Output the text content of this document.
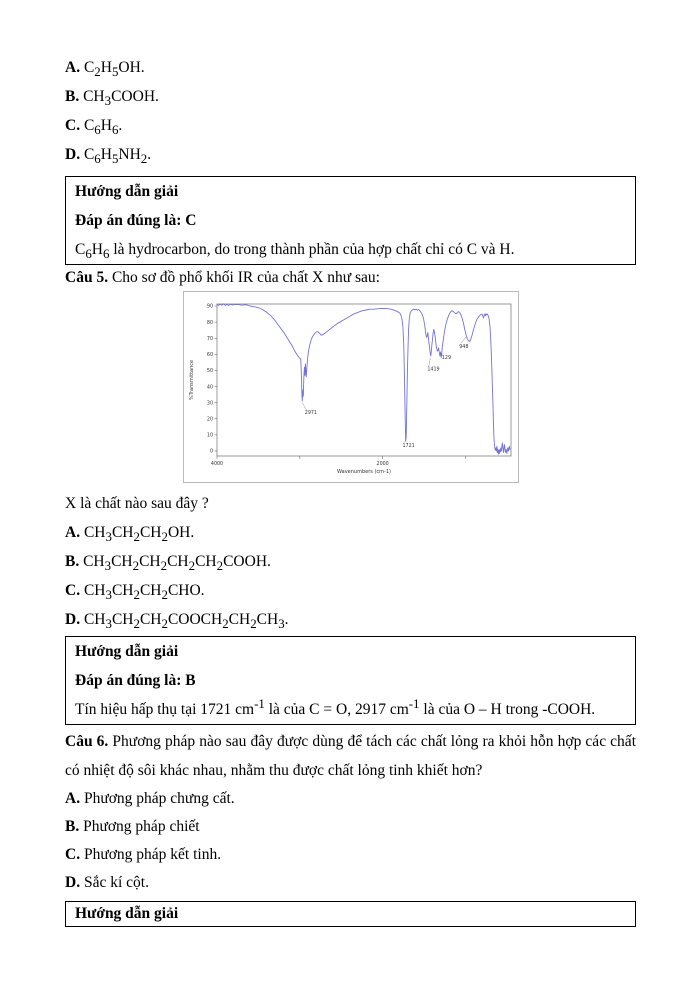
A. $C_2H_5OH$.
B. $CH_3COOH$.
C. $C_6H_6$.
D. $C_6H_5NH_2$.
Hướng dẫn giải
Đáp án đúng là: C
$C_6H_6$ là hydrocarbon, do trong thành phần của hợp chất chỉ có C và H.
Câu 5. Cho sơ đồ phổ khối IR của chất X như sau:
0
10
20
30
40
50
60
70
80
90
4000	2000
%Transmittance
Wavenumbers (cm-1)
2971
1721
1419
129
948
X là chất nào sau đây ?
A. $CH_3CH_2CH_2OH$.
B. $CH_3CH_2CH_2CH_2CH_2COOH$.
C. $CH_3CH_2CH_2CHO$.
D. $CH_3CH_2CH_2COOCH_2CH_2CH_3$.
Hướng dẫn giải
Đáp án đúng là: B
Tín hiệu hấp thụ tại 1721 $cm^{-1}$ là của C = O, 2917 $cm^{-1}$ là của O – H trong -COOH.

Câu 6. Phương pháp nào sau đây được dùng để tách các chất lỏng ra khỏi hỗn hợp các chất có nhiệt độ sôi khác nhau, nhằm thu được chất lỏng tinh khiết hơn?

A. Phương pháp chưng cất.
B. Phương pháp chiết
C. Phương pháp kết tinh.
D. Sắc kí cột.
Hướng dẫn giải
